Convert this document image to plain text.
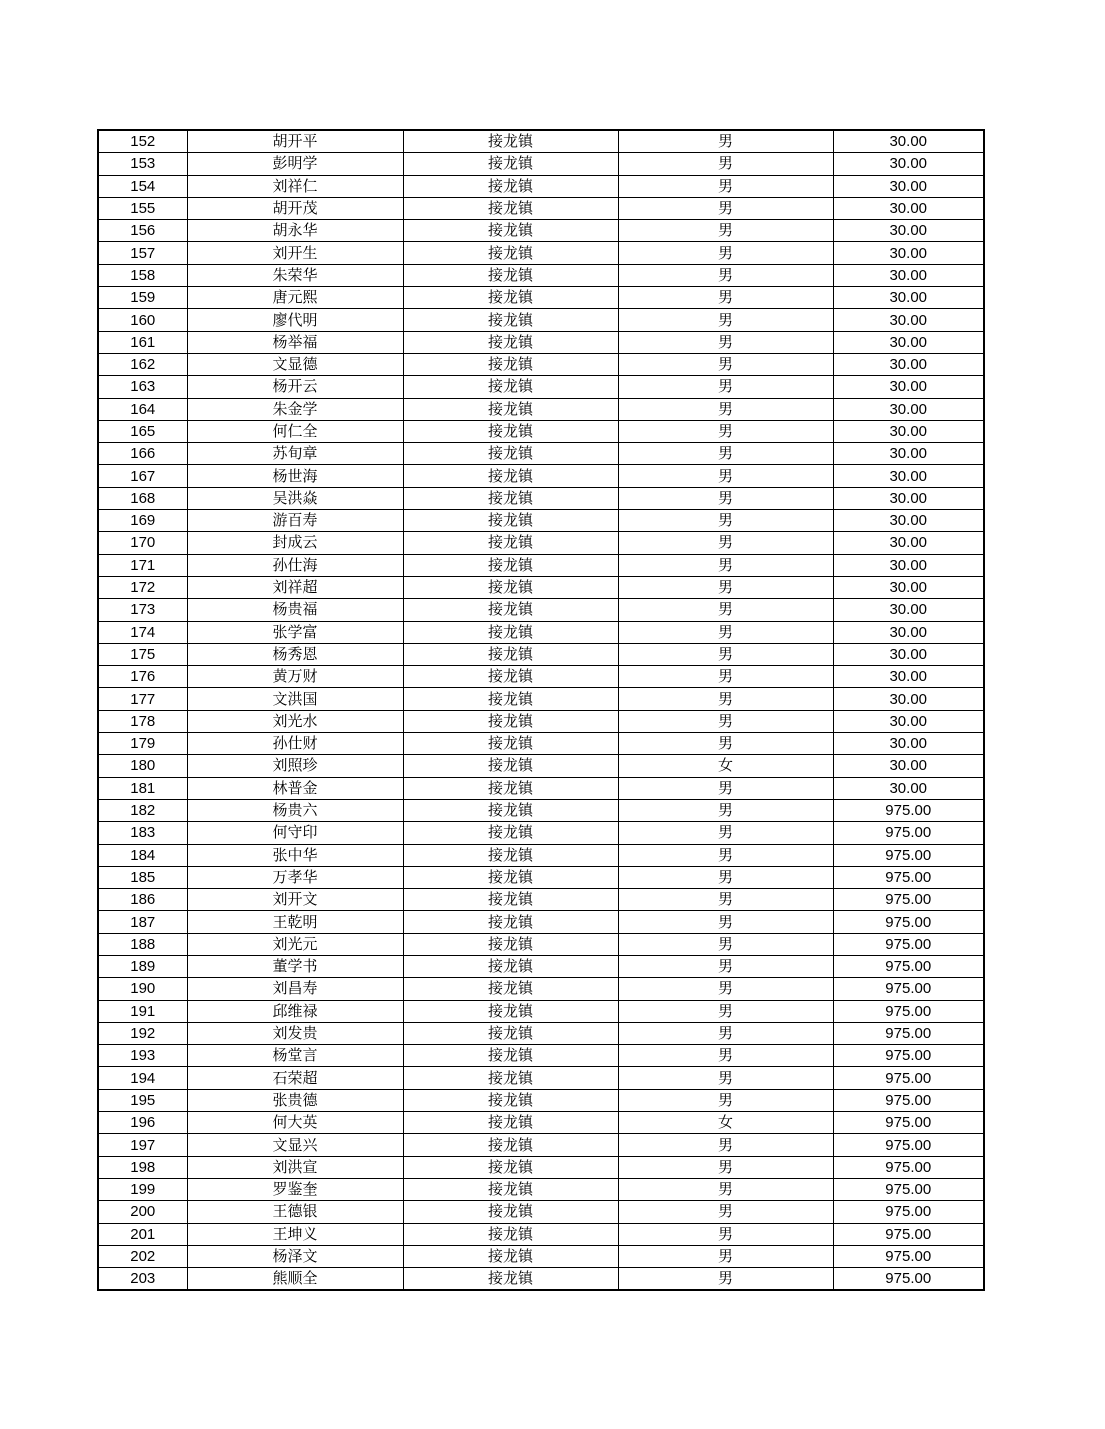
152	胡开平	接龙镇	男	30.00
153	彭明学	接龙镇	男	30.00
154	刘祥仁	接龙镇	男	30.00
155	胡开茂	接龙镇	男	30.00
156	胡永华	接龙镇	男	30.00
157	刘开生	接龙镇	男	30.00
158	朱荣华	接龙镇	男	30.00
159	唐元熙	接龙镇	男	30.00
160	廖代明	接龙镇	男	30.00
161	杨举福	接龙镇	男	30.00
162	文显德	接龙镇	男	30.00
163	杨开云	接龙镇	男	30.00
164	朱金学	接龙镇	男	30.00
165	何仁全	接龙镇	男	30.00
166	苏旬章	接龙镇	男	30.00
167	杨世海	接龙镇	男	30.00
168	吴洪焱	接龙镇	男	30.00
169	游百寿	接龙镇	男	30.00
170	封成云	接龙镇	男	30.00
171	孙仕海	接龙镇	男	30.00
172	刘祥超	接龙镇	男	30.00
173	杨贵福	接龙镇	男	30.00
174	张学富	接龙镇	男	30.00
175	杨秀恩	接龙镇	男	30.00
176	黄万财	接龙镇	男	30.00
177	文洪国	接龙镇	男	30.00
178	刘光水	接龙镇	男	30.00
179	孙仕财	接龙镇	男	30.00
180	刘照珍	接龙镇	女	30.00
181	林普金	接龙镇	男	30.00
182	杨贵六	接龙镇	男	975.00
183	何守印	接龙镇	男	975.00
184	张中华	接龙镇	男	975.00
185	万孝华	接龙镇	男	975.00
186	刘开文	接龙镇	男	975.00
187	王乾明	接龙镇	男	975.00
188	刘光元	接龙镇	男	975.00
189	董学书	接龙镇	男	975.00
190	刘昌寿	接龙镇	男	975.00
191	邱维禄	接龙镇	男	975.00
192	刘发贵	接龙镇	男	975.00
193	杨堂言	接龙镇	男	975.00
194	石荣超	接龙镇	男	975.00
195	张贵德	接龙镇	男	975.00
196	何大英	接龙镇	女	975.00
197	文显兴	接龙镇	男	975.00
198	刘洪宣	接龙镇	男	975.00
199	罗鉴奎	接龙镇	男	975.00
200	王德银	接龙镇	男	975.00
201	王坤义	接龙镇	男	975.00
202	杨泽文	接龙镇	男	975.00
203	熊顺全	接龙镇	男	975.00
